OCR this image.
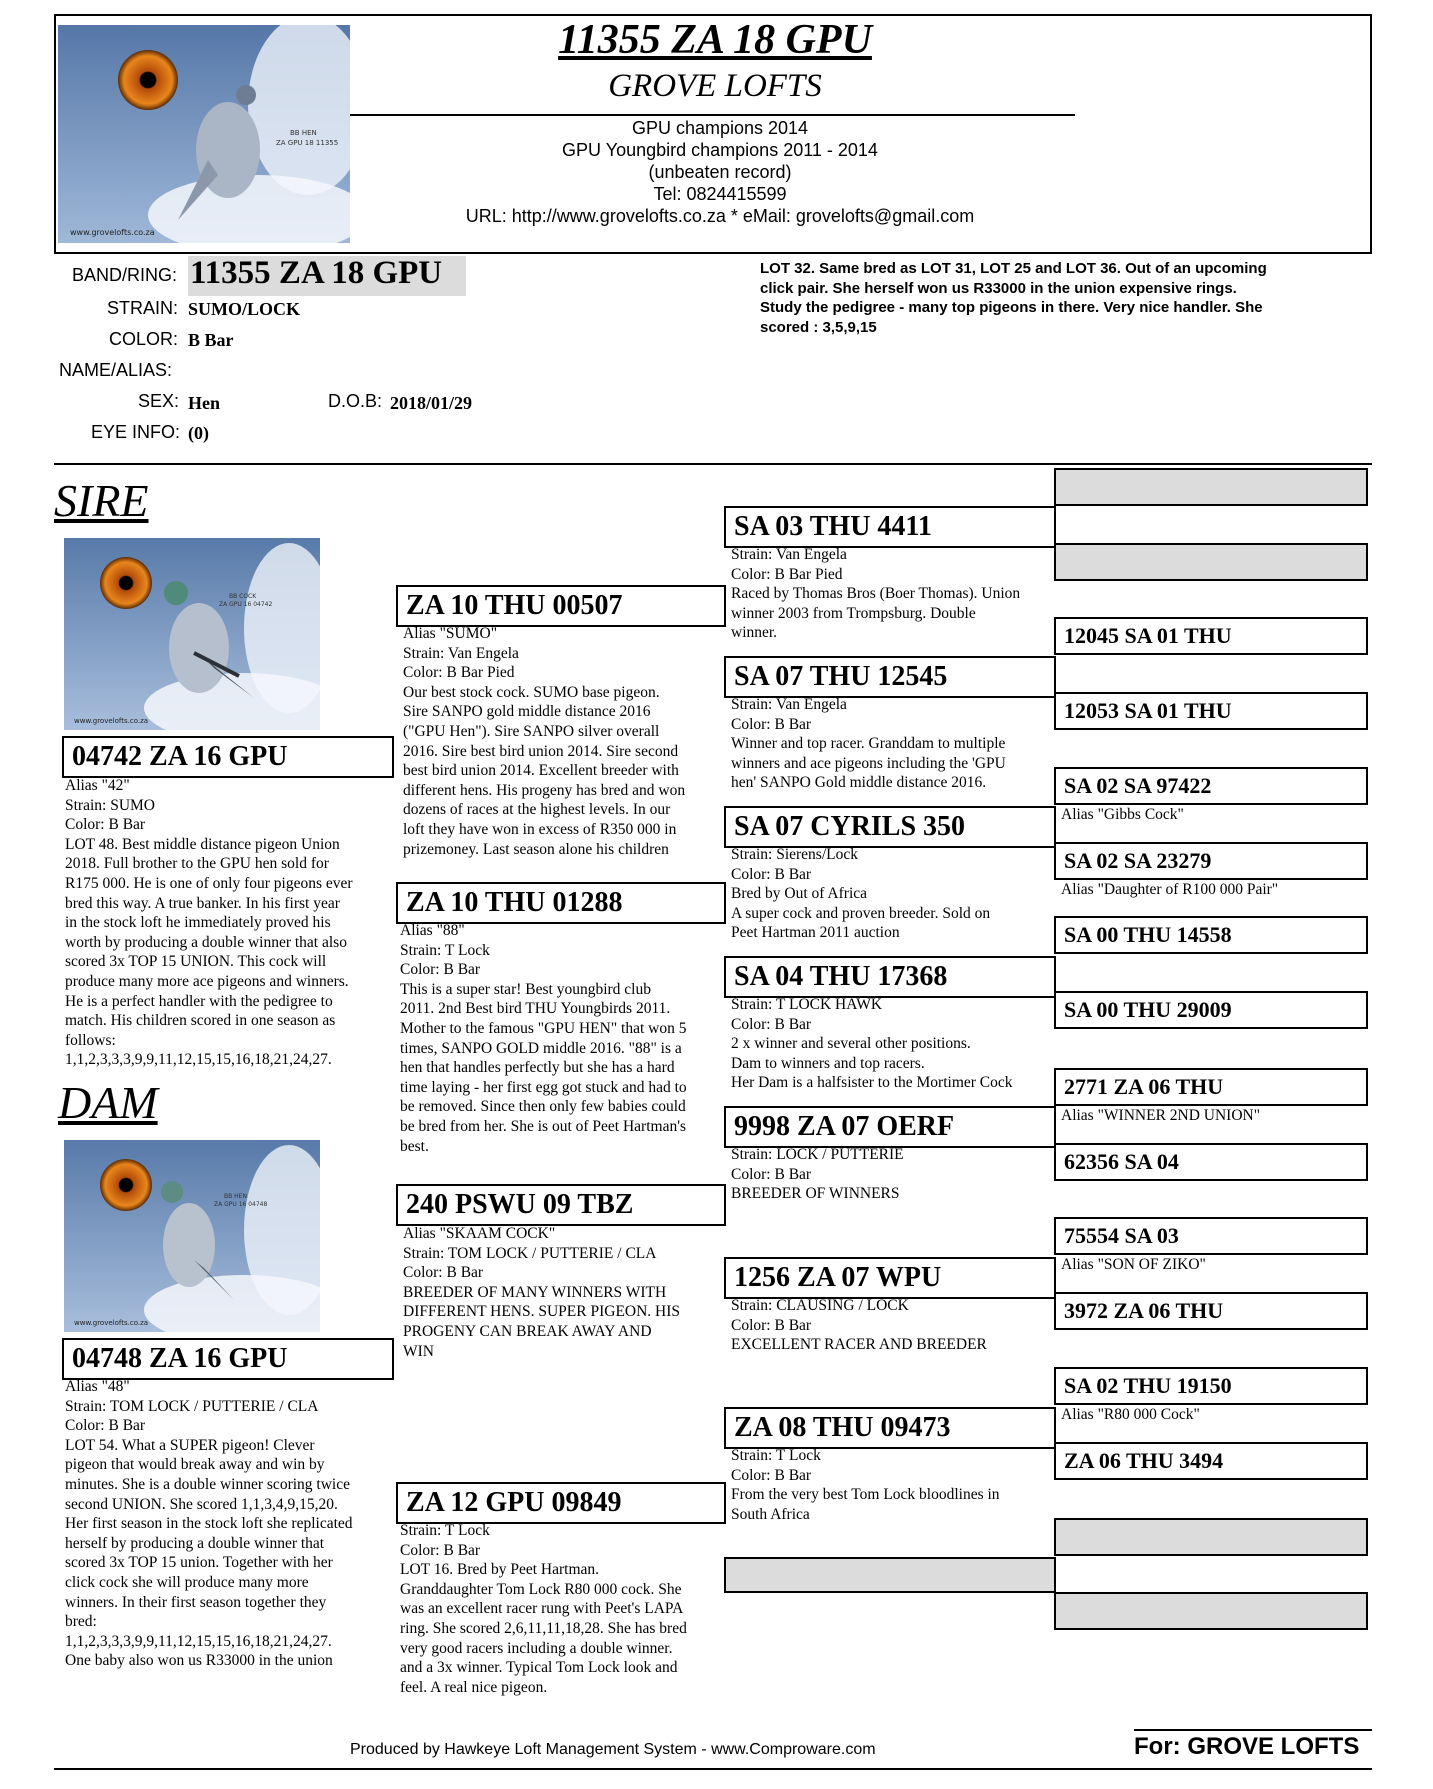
BB HEN
ZA GPU 18 11355
www.grovelofts.co.za
11355 ZA 18 GPU
GROVE LOFTS
GPU champions 2014
GPU Youngbird champions 2011 - 2014
(unbeaten record)
Tel: 0824415599
URL: http://www.grovelofts.co.za * eMail: grovelofts@gmail.com
BAND/RING: 11355 ZA 18 GPU
STRAIN: SUMO/LOCK
COLOR: B Bar
NAME/ALIAS:
SEX: Hen	D.O.B: 2018/01/29
EYE INFO: (0)
LOT 32. Same bred as LOT 31, LOT 25 and LOT 36. Out of an upcoming
click pair. She herself won us R33000 in the union expensive rings.
Study the pedigree - many top pigeons in there. Very nice handler. She
scored : 3,5,9,15
SIRE
BB COCK
ZA GPU 16 04742
www.grovelofts.co.za
04742 ZA 16 GPU
Alias "42"
Strain: SUMO
Color: B Bar
LOT 48. Best middle distance pigeon Union
2018. Full brother to the GPU hen sold for
R175 000. He is one of only four pigeons ever
bred this way. A true banker. In his first year
in the stock loft he immediately proved his
worth by producing a double winner that also
scored 3x TOP 15 UNION. This cock will
produce many more ace pigeons and winners.
He is a perfect handler with the pedigree to
match. His children scored in one season as
follows:
1,1,2,3,3,3,9,9,11,12,15,15,16,18,21,24,27.
DAM
BB HEN
ZA GPU 16 04748
www.grovelofts.co.za
04748 ZA 16 GPU
Alias "48"
Strain: TOM LOCK / PUTTERIE / CLA
Color: B Bar
LOT 54. What a SUPER pigeon! Clever
pigeon that would break away and win by
minutes. She is a double winner scoring twice
second UNION. She scored 1,1,3,4,9,15,20.
Her first season in the stock loft she replicated
herself by producing a double winner that
scored 3x TOP 15 union. Together with her
click cock she will produce many more
winners. In their first season together they
bred:
1,1,2,3,3,3,9,9,11,12,15,15,16,18,21,24,27.
One baby also won us R33000 in the union
ZA 10 THU 00507
Alias "SUMO"
Strain: Van Engela
Color: B Bar Pied
Our best stock cock. SUMO base pigeon.
Sire SANPO gold middle distance 2016
("GPU Hen"). Sire SANPO silver overall
2016. Sire best bird union 2014. Sire second
best bird union 2014. Excellent breeder with
different hens. His progeny has bred and won
dozens of races at the highest levels. In our
loft they have won in excess of R350 000 in
prizemoney. Last season alone his children
ZA 10 THU 01288
Alias "88"
Strain: T Lock
Color: B Bar
This is a super star! Best youngbird club
2011. 2nd Best bird THU Youngbirds 2011.
Mother to the famous "GPU HEN" that won 5
times, SANPO GOLD middle 2016. "88" is a
hen that handles perfectly but she has a hard
time laying - her first egg got stuck and had to
be removed. Since then only few babies could
be bred from her. She is out of Peet Hartman's
best.
240 PSWU 09 TBZ
Alias "SKAAM COCK"
Strain: TOM LOCK / PUTTERIE / CLA
Color: B Bar
BREEDER OF MANY WINNERS WITH
DIFFERENT HENS. SUPER PIGEON. HIS
PROGENY CAN BREAK AWAY AND
WIN
ZA 12 GPU 09849
Strain: T Lock
Color: B Bar
LOT 16. Bred by Peet Hartman.
Granddaughter Tom Lock R80 000 cock. She
was an excellent racer rung with Peet's LAPA
ring. She scored 2,6,11,11,18,28. She has bred
very good racers including a double winner.
and a 3x winner. Typical Tom Lock look and
feel. A real nice pigeon.
SA 03 THU 4411
Strain: Van Engela
Color: B Bar Pied
Raced by Thomas Bros (Boer Thomas). Union
winner 2003 from Trompsburg. Double
winner.
SA 07 THU 12545
Strain: Van Engela
Color: B Bar
Winner and top racer. Granddam to multiple
winners and ace pigeons including the 'GPU
hen' SANPO Gold middle distance 2016.
SA 07 CYRILS 350
Strain: Sierens/Lock
Color: B Bar
Bred by Out of Africa
A super cock and proven breeder. Sold on
Peet Hartman 2011 auction
SA 04 THU 17368
Strain: T LOCK HAWK
Color: B Bar
2 x winner and several other positions.
Dam to winners and top racers.
Her Dam is a halfsister to the Mortimer Cock
9998 ZA 07 OERF
Strain: LOCK / PUTTERIE
Color: B Bar
BREEDER OF WINNERS
1256 ZA 07 WPU
Strain: CLAUSING / LOCK
Color: B Bar
EXCELLENT RACER AND BREEDER
ZA 08 THU 09473
Strain: T Lock
Color: B Bar
From the very best Tom Lock bloodlines in
South Africa
12045 SA 01 THU
12053 SA 01 THU
SA 02 SA 97422
Alias "Gibbs Cock"
SA 02 SA 23279
Alias "Daughter of R100 000 Pair"
SA 00 THU 14558
SA 00 THU 29009
2771 ZA 06 THU
Alias "WINNER 2ND UNION"
62356 SA 04
75554 SA 03
Alias "SON OF ZIKO"
3972 ZA 06 THU
SA 02 THU 19150
Alias "R80 000 Cock"
ZA 06 THU 3494
Produced by Hawkeye Loft Management System - www.Comproware.com	For: GROVE LOFTS
